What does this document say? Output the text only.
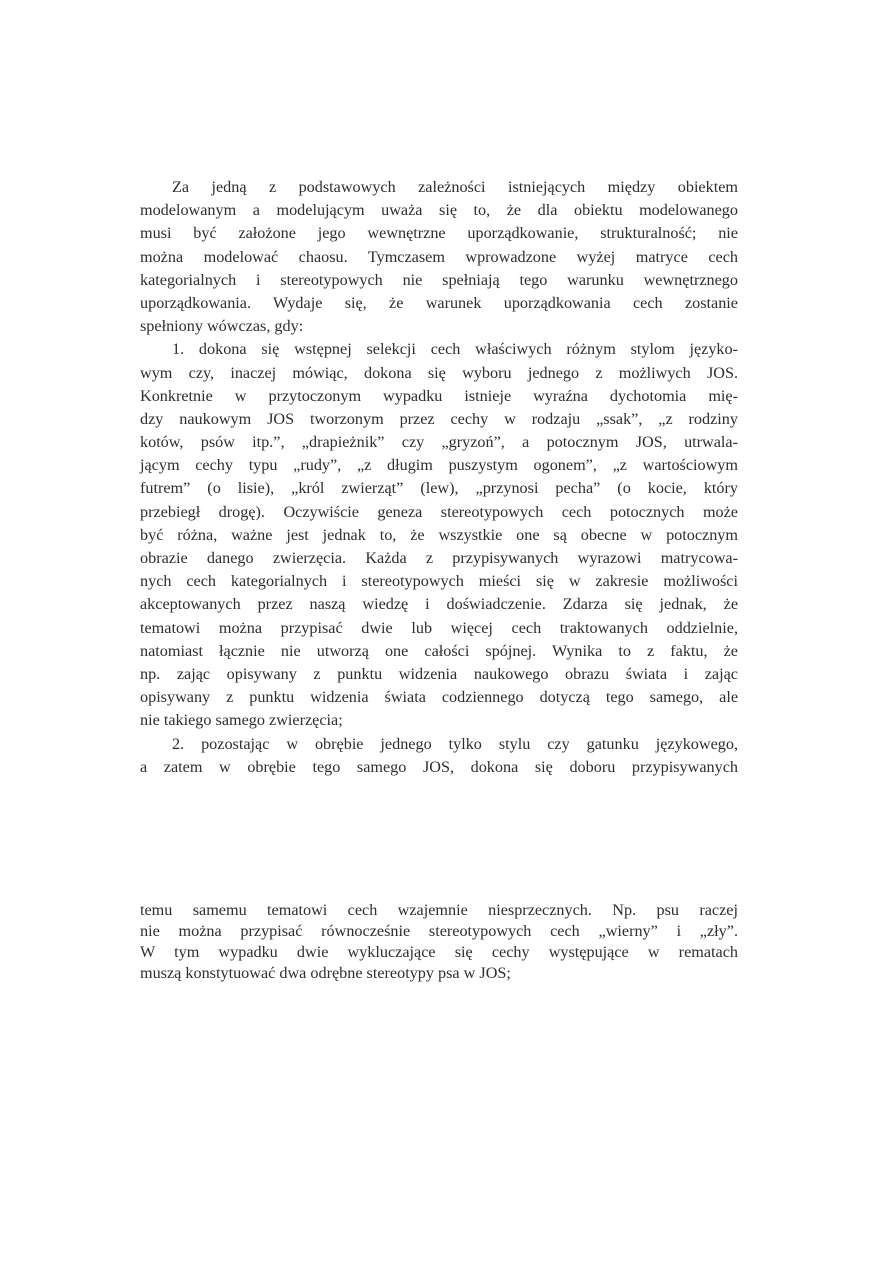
Za jedną z podstawowych zależności istniejących między obiektem
modelowanym a modelującym uważa się to, że dla obiektu modelowanego
musi być założone jego wewnętrzne uporządkowanie, strukturalność; nie
można modelować chaosu. Tymczasem wprowadzone wyżej matryce cech
kategorialnych i stereotypowych nie spełniają tego warunku wewnętrznego
uporządkowania. Wydaje się, że warunek uporządkowania cech zostanie
spełniony wówczas, gdy:
1. dokona się wstępnej selekcji cech właściwych różnym stylom języko-
wym czy, inaczej mówiąc, dokona się wyboru jednego z możliwych JOS.
Konkretnie w przytoczonym wypadku istnieje wyraźna dychotomia mię-
dzy naukowym JOS tworzonym przez cechy w rodzaju „ssak”, „z rodziny
kotów, psów itp.”, „drapieżnik” czy „gryzoń”, a potocznym JOS, utrwala-
jącym cechy typu „rudy”, „z długim puszystym ogonem”, „z wartościowym
futrem” (o lisie), „król zwierząt” (lew), „przynosi pecha” (o kocie, który
przebiegł drogę). Oczywiście geneza stereotypowych cech potocznych może
być różna, ważne jest jednak to, że wszystkie one są obecne w potocznym
obrazie danego zwierzęcia. Każda z przypisywanych wyrazowi matrycowa-
nych cech kategorialnych i stereotypowych mieści się w zakresie możliwości
akceptowanych przez naszą wiedzę i doświadczenie. Zdarza się jednak, że
tematowi można przypisać dwie lub więcej cech traktowanych oddzielnie,
natomiast łącznie nie utworzą one całości spójnej. Wynika to z faktu, że
np. zając opisywany z punktu widzenia naukowego obrazu świata i zając
opisywany z punktu widzenia świata codziennego dotyczą tego samego, ale
nie takiego samego zwierzęcia;
2. pozostając w obrębie jednego tylko stylu czy gatunku językowego,
a zatem w obrębie tego samego JOS, dokona się doboru przypisywanych
temu samemu tematowi cech wzajemnie niesprzecznych. Np. psu raczej
nie można przypisać równocześnie stereotypowych cech „wierny” i „zły”.
W tym wypadku dwie wykluczające się cechy występujące w rematach
muszą konstytuować dwa odrębne stereotypy psa w JOS;
